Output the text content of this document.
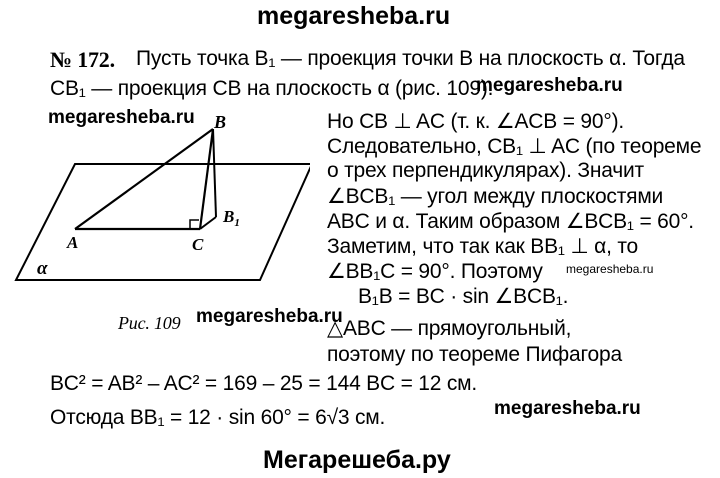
megaresheba.ru
megaresheba.ru
megaresheba.ru
megaresheba.ru
megaresheba.ru
megaresheba.ru
Мегарешеба.ру
№ 172. Пусть точка B₁ — проекция точки B на плоскость α. Тогда
CB₁ — проекция CB на плоскость α (рис. 109).
Но CB ⊥ AC (т. к. ∠ACB = 90°).
Следовательно, CB₁ ⊥ AC (по теореме
о трех перпендикулярах). Значит
∠BCB₁ — угол между плоскостями
ABC и α. Таким образом ∠BCB₁ = 60°.
Заметим, что так как BB₁ ⊥ α, то
∠BB₁C = 90°. Поэтому
B₁B = BC · sin ∠BCB₁.
△ABC — прямоугольный,
поэтому по теореме Пифагора
BC² = AB² – AC² = 169 – 25 = 144 BC = 12 см.
Отсюда BB₁ = 12 · sin 60° = 6√3 см.
Рис. 109
B
$B_1$
A	C
α
